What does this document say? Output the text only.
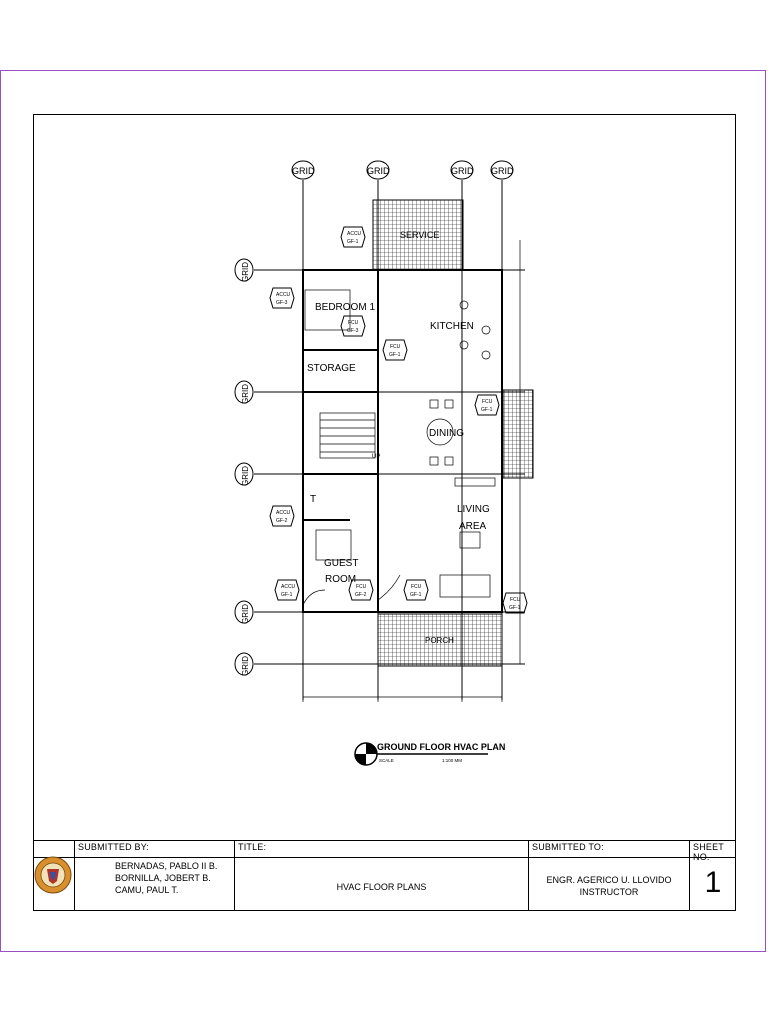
GRID	GRID	GRID GRID
GRID
GRID
GRID
GRID
GRID
SERVICE
BEDROOM 1
KITCHEN
STORAGE
DINING
T
LIVING
AREA
GUEST
ROOM
PORCH
UP
ACCU
GF-1
ACCU
GF-3
FCU
GF-3
FCU
GF-1
FCU
GF-1
ACCU
GF-2
ACCU
GF-1
FCU
GF-2
FCU
GF-1
FCU
GF-1
GROUND FLOOR HVAC PLAN
SCALE	1:100 MM
SUBMITTED BY:
BERNADAS, PABLO II B.
BORNILLA, JOBERT B.
CAMU, PAUL T.
TITLE:
HVAC FLOOR PLANS
SUBMITTED TO:
ENGR. AGERICO U. LLOVIDO
INSTRUCTOR
SHEET NO.
1
